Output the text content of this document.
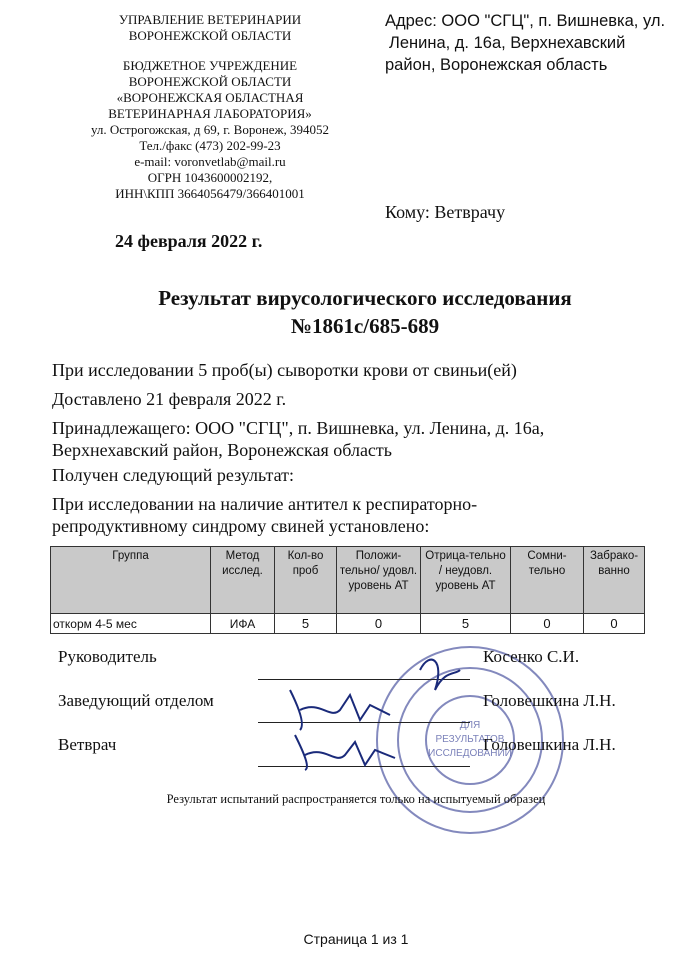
УПРАВЛЕНИЕ ВЕТЕРИНАРИИ
ВОРОНЕЖСКОЙ ОБЛАСТИ
БЮДЖЕТНОЕ УЧРЕЖДЕНИЕ
ВОРОНЕЖСКОЙ ОБЛАСТИ
«ВОРОНЕЖСКАЯ ОБЛАСТНАЯ
ВЕТЕРИНАРНАЯ ЛАБОРАТОРИЯ»
ул. Острогожская, д 69, г. Воронеж, 394052
Тел./факс (473) 202-99-23
e-mail: voronvetlab@mail.ru
ОГРН 1043600002192,
ИНН\КПП 3664056479/366401001
Адрес: ООО "СГЦ", п. Вишневка, ул.
Ленина, д. 16а, Верхнехавский
район, Воронежская область
Кому: Ветврачу
24 февраля 2022 г.
Результат вирусологического исследования
№1861с/685-689
При исследовании 5 проб(ы) сыворотки крови от свиньи(ей)
Доставлено 21 февраля 2022 г.
Принадлежащего: ООО "СГЦ", п. Вишневка, ул. Ленина, д. 16а,
Верхнехавский район, Воронежская область
Получен следующий результат:
При исследовании на наличие антител к респираторно-
репродуктивному синдрому свиней установлено:
Группа	Метод исслед.	Кол-во проб	Положи-тельно/ удовл. уровень АТ	Отрица-тельно / неудовл. уровень АТ	Сомни-тельно	Забрако-ванно
откорм 4-5 мес	ИФА	5	0	5	0	0
ДЛЯ
РЕЗУЛЬТАТОВ
ИССЛЕДОВАНИЙ
Руководитель	Косенко С.И.
Заведующий отделом	Головешкина Л.Н.
Ветврач	Головешкина Л.Н.
Результат испытаний распространяется только на испытуемый образец
Страница 1 из 1
